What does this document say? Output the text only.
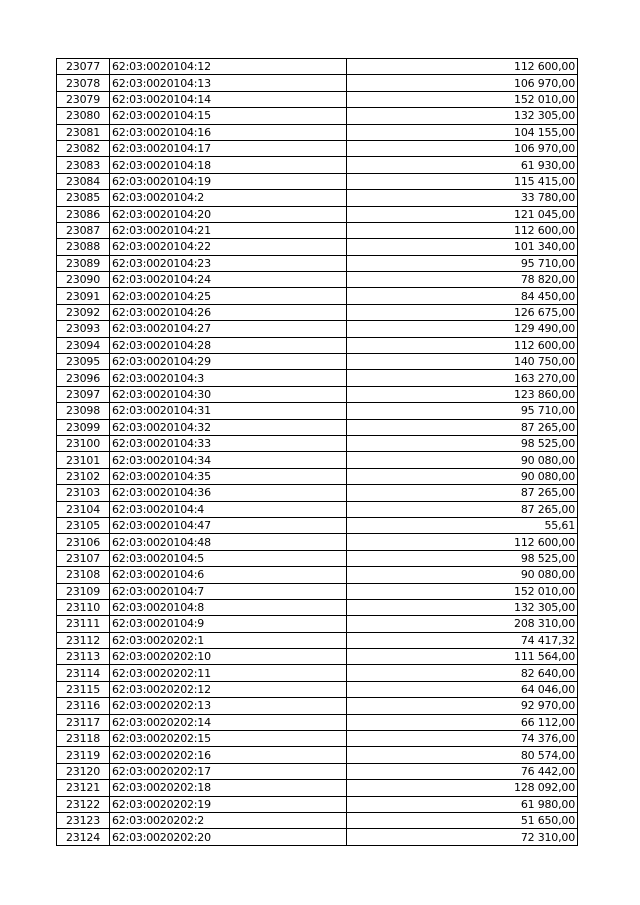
23077	62:03:0020104:12	112 600,00
23078	62:03:0020104:13	106 970,00
23079	62:03:0020104:14	152 010,00
23080	62:03:0020104:15	132 305,00
23081	62:03:0020104:16	104 155,00
23082	62:03:0020104:17	106 970,00
23083	62:03:0020104:18	61 930,00
23084	62:03:0020104:19	115 415,00
23085	62:03:0020104:2	33 780,00
23086	62:03:0020104:20	121 045,00
23087	62:03:0020104:21	112 600,00
23088	62:03:0020104:22	101 340,00
23089	62:03:0020104:23	95 710,00
23090	62:03:0020104:24	78 820,00
23091	62:03:0020104:25	84 450,00
23092	62:03:0020104:26	126 675,00
23093	62:03:0020104:27	129 490,00
23094	62:03:0020104:28	112 600,00
23095	62:03:0020104:29	140 750,00
23096	62:03:0020104:3	163 270,00
23097	62:03:0020104:30	123 860,00
23098	62:03:0020104:31	95 710,00
23099	62:03:0020104:32	87 265,00
23100	62:03:0020104:33	98 525,00
23101	62:03:0020104:34	90 080,00
23102	62:03:0020104:35	90 080,00
23103	62:03:0020104:36	87 265,00
23104	62:03:0020104:4	87 265,00
23105	62:03:0020104:47	55,61
23106	62:03:0020104:48	112 600,00
23107	62:03:0020104:5	98 525,00
23108	62:03:0020104:6	90 080,00
23109	62:03:0020104:7	152 010,00
23110	62:03:0020104:8	132 305,00
23111	62:03:0020104:9	208 310,00
23112	62:03:0020202:1	74 417,32
23113	62:03:0020202:10	111 564,00
23114	62:03:0020202:11	82 640,00
23115	62:03:0020202:12	64 046,00
23116	62:03:0020202:13	92 970,00
23117	62:03:0020202:14	66 112,00
23118	62:03:0020202:15	74 376,00
23119	62:03:0020202:16	80 574,00
23120	62:03:0020202:17	76 442,00
23121	62:03:0020202:18	128 092,00
23122	62:03:0020202:19	61 980,00
23123	62:03:0020202:2	51 650,00
23124	62:03:0020202:20	72 310,00
